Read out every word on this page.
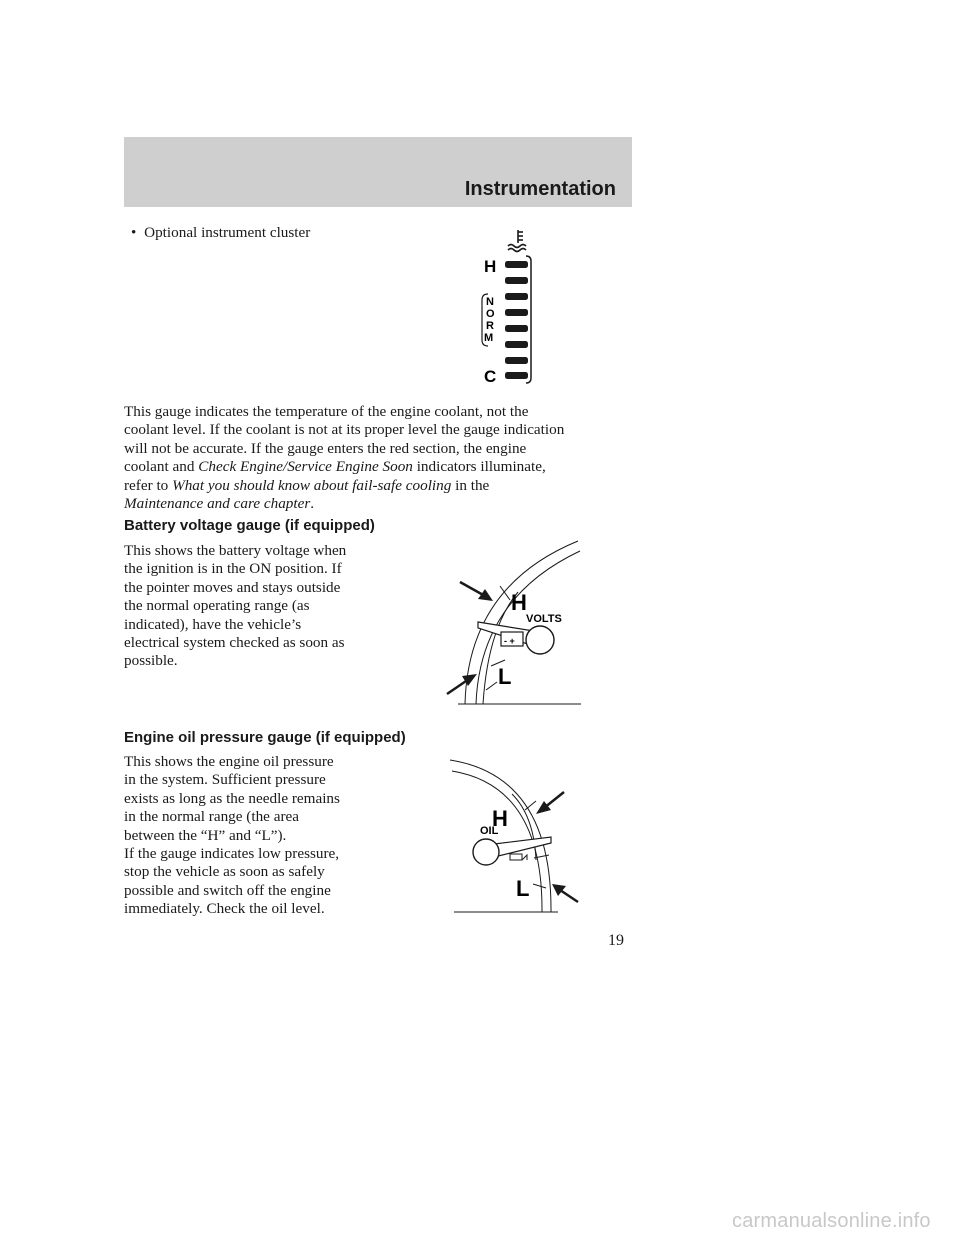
Instrumentation
• Optional instrument cluster
H
N
O
R
M
C
This gauge indicates the temperature of the engine coolant, not the
coolant level. If the coolant is not at its proper level the gauge indication
will not be accurate. If the gauge enters the red section, the engine
coolant and Check Engine/Service Engine Soon indicators illuminate,
refer to What you should know about fail-safe cooling in the
Maintenance and care chapter.
Battery voltage gauge (if equipped)
This shows the battery voltage when
the ignition is in the ON position. If
the pointer moves and stays outside
the normal operating range (as
indicated), have the vehicle’s
electrical system checked as soon as
possible.
- +
H
VOLTS
L
Engine oil pressure gauge (if equipped)
This shows the engine oil pressure
in the system. Sufficient pressure
exists as long as the needle remains
in the normal range (the area
between the “H” and “L”).
If the gauge indicates low pressure,
stop the vehicle as soon as safely
possible and switch off the engine
immediately. Check the oil level.
H
OIL
L
19
carmanualsonline.info
